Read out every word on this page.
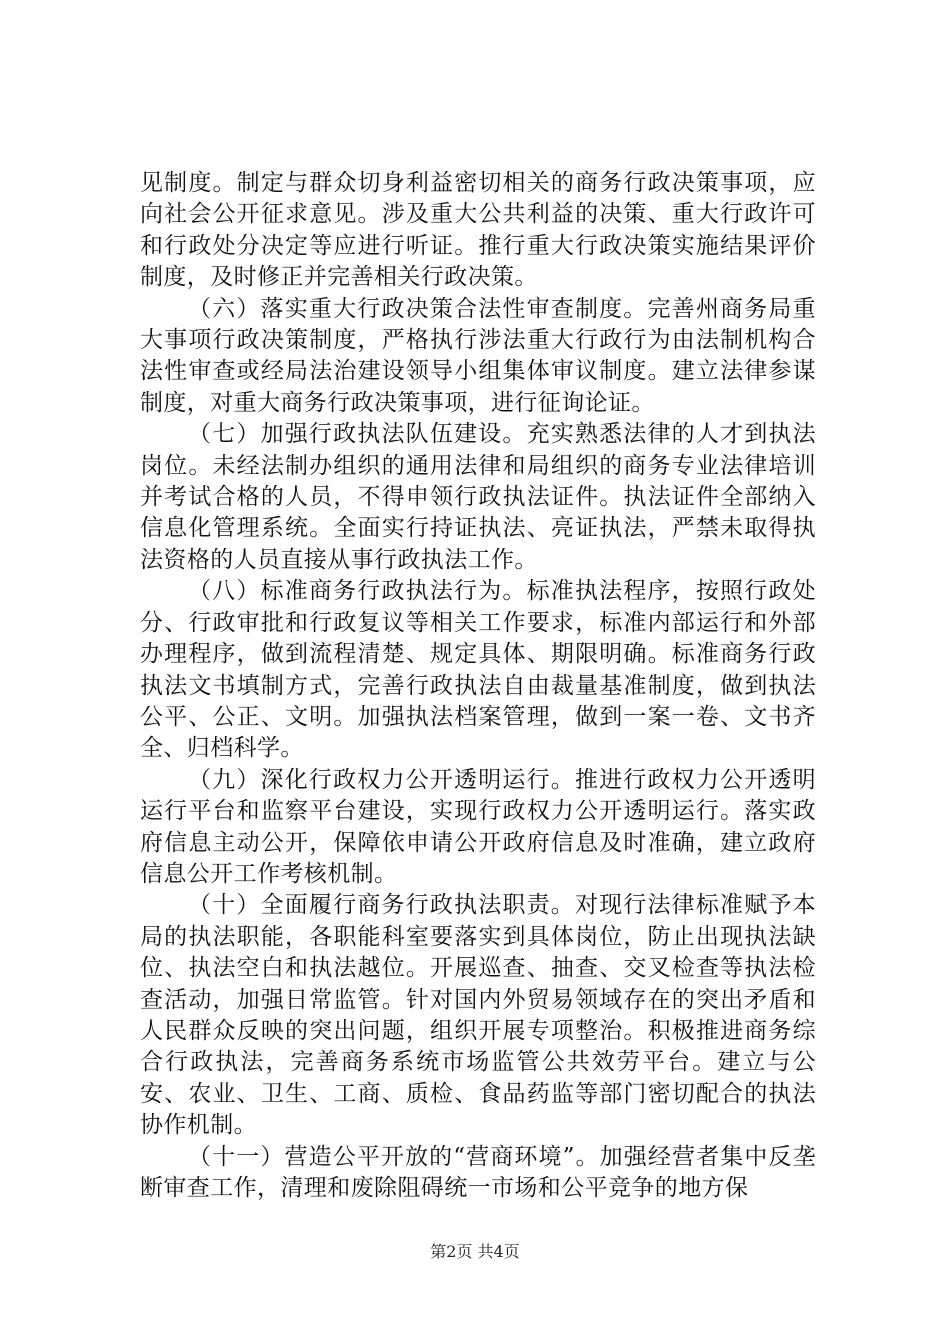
见制度。制定与群众切身利益密切相关的商务行政决策事项，应向社会公开征求意见。涉及重大公共利益的决策、重大行政许可和行政处分决定等应进行听证。推行重大行政决策实施结果评价制度，及时修正并完善相关行政决策。

（六）落实重大行政决策合法性审查制度。完善州商务局重大事项行政决策制度，严格执行涉法重大行政行为由法制机构合法性审查或经局法治建设领导小组集体审议制度。建立法律参谋制度，对重大商务行政决策事项，进行征询论证。

（七）加强行政执法队伍建设。充实熟悉法律的人才到执法岗位。未经法制办组织的通用法律和局组织的商务专业法律培训并考试合格的人员，不得申领行政执法证件。执法证件全部纳入信息化管理系统。全面实行持证执法、亮证执法，严禁未取得执法资格的人员直接从事行政执法工作。

（八）标准商务行政执法行为。标准执法程序，按照行政处分、行政审批和行政复议等相关工作要求，标准内部运行和外部办理程序，做到流程清楚、规定具体、期限明确。标准商务行政执法文书填制方式，完善行政执法自由裁量基准制度，做到执法公平、公正、文明。加强执法档案管理，做到一案一卷、文书齐全、归档科学。

（九）深化行政权力公开透明运行。推进行政权力公开透明运行平台和监察平台建设，实现行政权力公开透明运行。落实政府信息主动公开，保障依申请公开政府信息及时准确，建立政府信息公开工作考核机制。

（十）全面履行商务行政执法职责。对现行法律标准赋予本局的执法职能，各职能科室要落实到具体岗位，防止出现执法缺位、执法空白和执法越位。开展巡查、抽查、交叉检查等执法检查活动，加强日常监管。针对国内外贸易领域存在的突出矛盾和人民群众反映的突出问题，组织开展专项整治。积极推进商务综合行政执法，完善商务系统市场监管公共效劳平台。建立与公安、农业、卫生、工商、质检、食品药监等部门密切配合的执法协作机制。

（十一）营造公平开放的“营商环境”。加强经营者集中反垄断审查工作，清理和废除阻碍统一市场和公平竞争的地方保

第2页 共4页
